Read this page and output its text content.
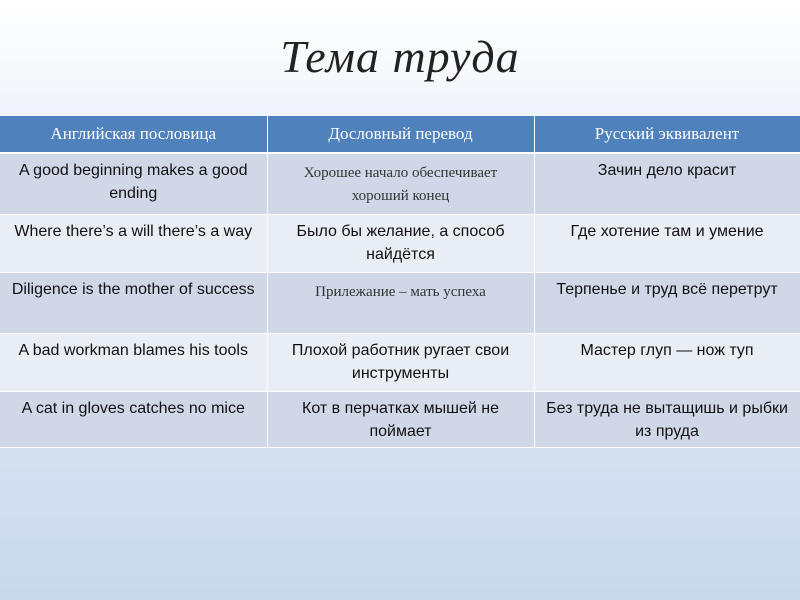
Тема труда
Английская пословица	Дословный перевод	Русский эквивалент
A good beginning makes a good ending	Хорошее начало обеспечивает хороший конец	Зачин дело красит
Where there’s a will there’s a way	Было бы желание, а способ найдётся	Где хотение там и умение
Diligence is the mother of success	Прилежание – мать успеха	Терпенье и труд всё перетрут
A bad workman blames his tools	Плохой работник ругает свои инструменты	Мастер глуп — нож туп
A cat in gloves catches no mice	Кот в перчатках мышей не поймает	Без труда не вытащишь и рыбки из пруда
